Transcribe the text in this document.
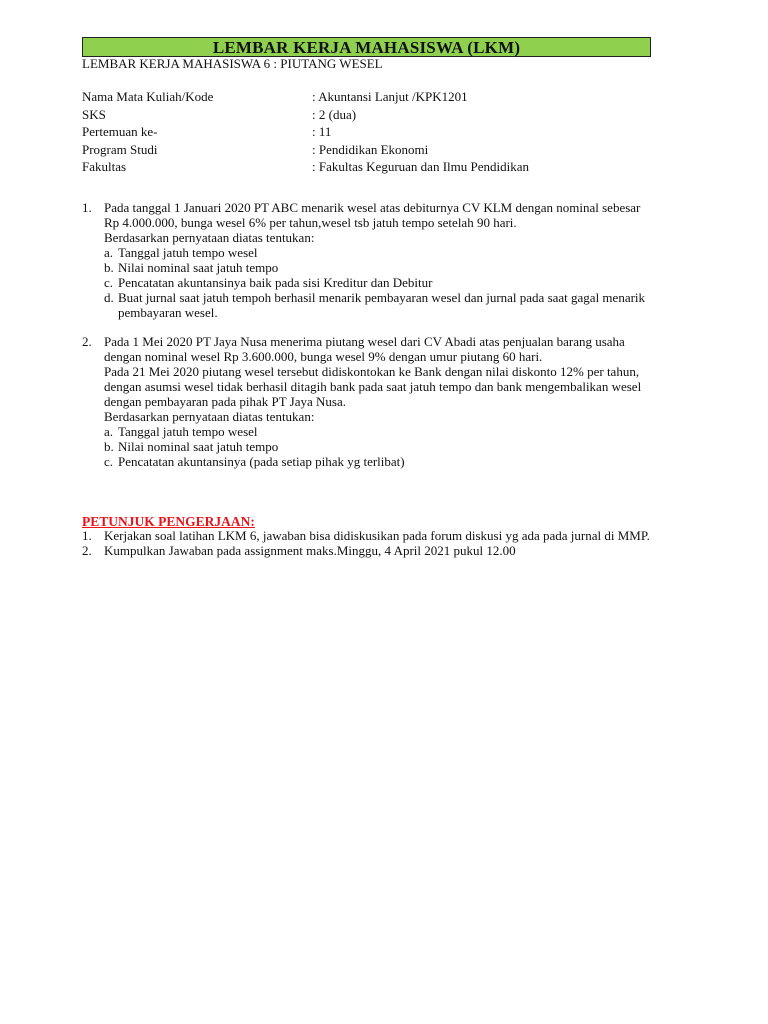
LEMBAR KERJA MAHASISWA (LKM)
LEMBAR KERJA MAHASISWA 6 : PIUTANG WESEL
Nama Mata Kuliah/Kode	: Akuntansi Lanjut /KPK1201
SKS	: 2 (dua)
Pertemuan ke-	: 11
Program Studi	: Pendidikan Ekonomi
Fakultas	: Fakultas Keguruan dan Ilmu Pendidikan
1. Pada tanggal 1 Januari 2020 PT ABC menarik wesel atas debiturnya CV KLM dengan nominal sebesar

Rp 4.000.000, bunga wesel 6% per tahun,wesel tsb jatuh tempo setelah 90 hari.

Berdasarkan pernyataan diatas tentukan:

a. Tanggal jatuh tempo wesel
b. Nilai nominal saat jatuh tempo
c. Pencatatan akuntansinya baik pada sisi Kreditur dan Debitur
d. Buat jurnal saat jatuh tempoh berhasil menarik pembayaran wesel dan jurnal pada saat gagal menarik pembayaran wesel.
2. Pada 1 Mei 2020 PT Jaya Nusa menerima piutang wesel dari CV Abadi atas penjualan barang usaha

dengan nominal wesel Rp 3.600.000, bunga wesel 9% dengan umur piutang 60 hari.

Pada 21 Mei 2020 piutang wesel tersebut didiskontokan ke Bank dengan nilai diskonto 12% per tahun,

dengan asumsi wesel tidak berhasil ditagih bank pada saat jatuh tempo dan bank mengembalikan wesel

dengan pembayaran pada pihak PT Jaya Nusa.

Berdasarkan pernyataan diatas tentukan:

a. Tanggal jatuh tempo wesel
b. Nilai nominal saat jatuh tempo
c. Pencatatan akuntansinya (pada setiap pihak yg terlibat)
PETUNJUK PENGERJAAN:
1. Kerjakan soal latihan LKM 6, jawaban bisa didiskusikan pada forum diskusi yg ada pada jurnal di MMP.
2. Kumpulkan Jawaban pada assignment maks.Minggu, 4 April 2021 pukul 12.00
